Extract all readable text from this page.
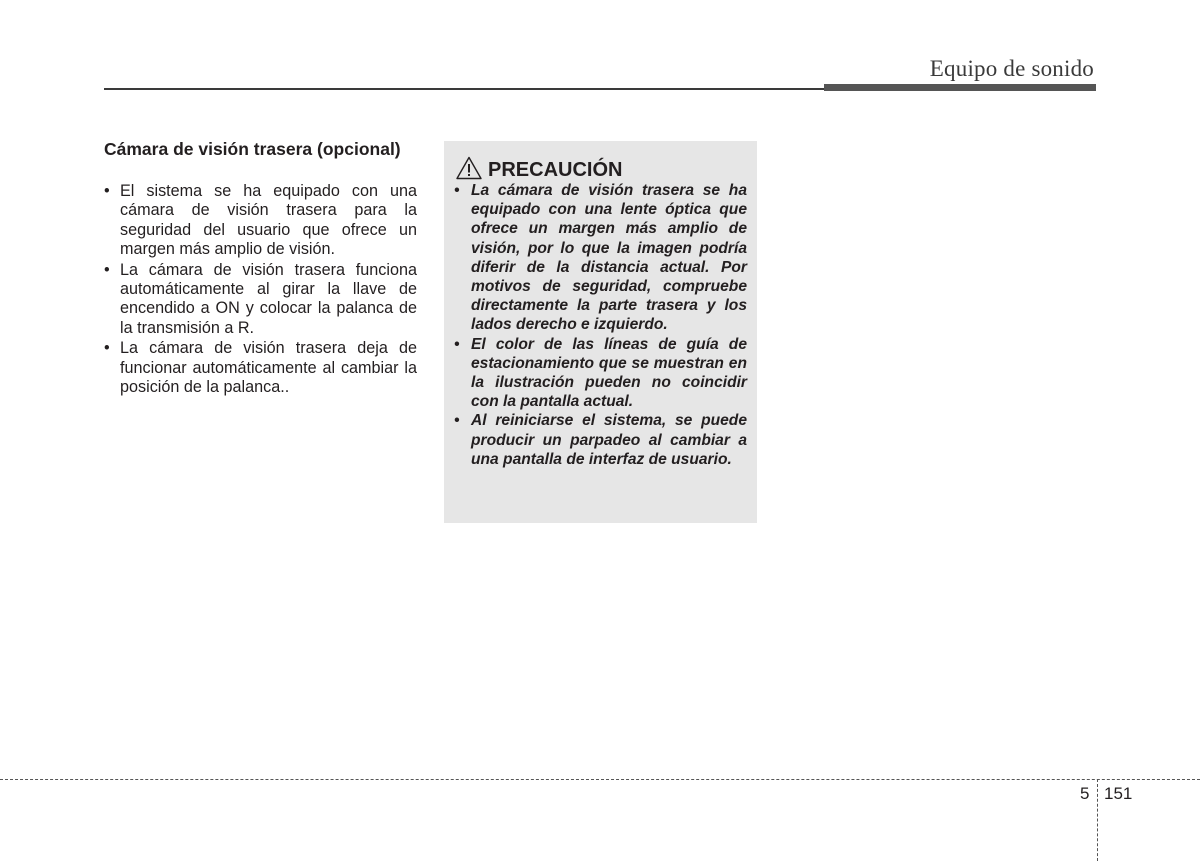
Equipo de sonido
Cámara de visión trasera (opcional)
• El sistema se ha equipado con una cámara de visión trasera para la seguridad del usuario que ofrece un margen más amplio de visión.
• La cámara de visión trasera funciona automáticamente al girar la llave de encendido a ON y colocar la palanca de la transmisión a R.
• La cámara de visión trasera deja de funcionar automáticamente al cambiar la posición de la palanca..
PRECAUCIÓN
• La cámara de visión trasera se ha equipado con una lente óptica que ofrece un margen más amplio de visión, por lo que la imagen podría diferir de la distancia actual. Por motivos de seguridad, compruebe directamente la parte trasera y los lados derecho e izquierdo.
• El color de las líneas de guía de estacionamiento que se muestran en la ilustración pueden no coincidir con la pantalla actual.
• Al reiniciarse el sistema, se puede producir un parpadeo al cambiar a una pantalla de interfaz de usuario.
5 151
